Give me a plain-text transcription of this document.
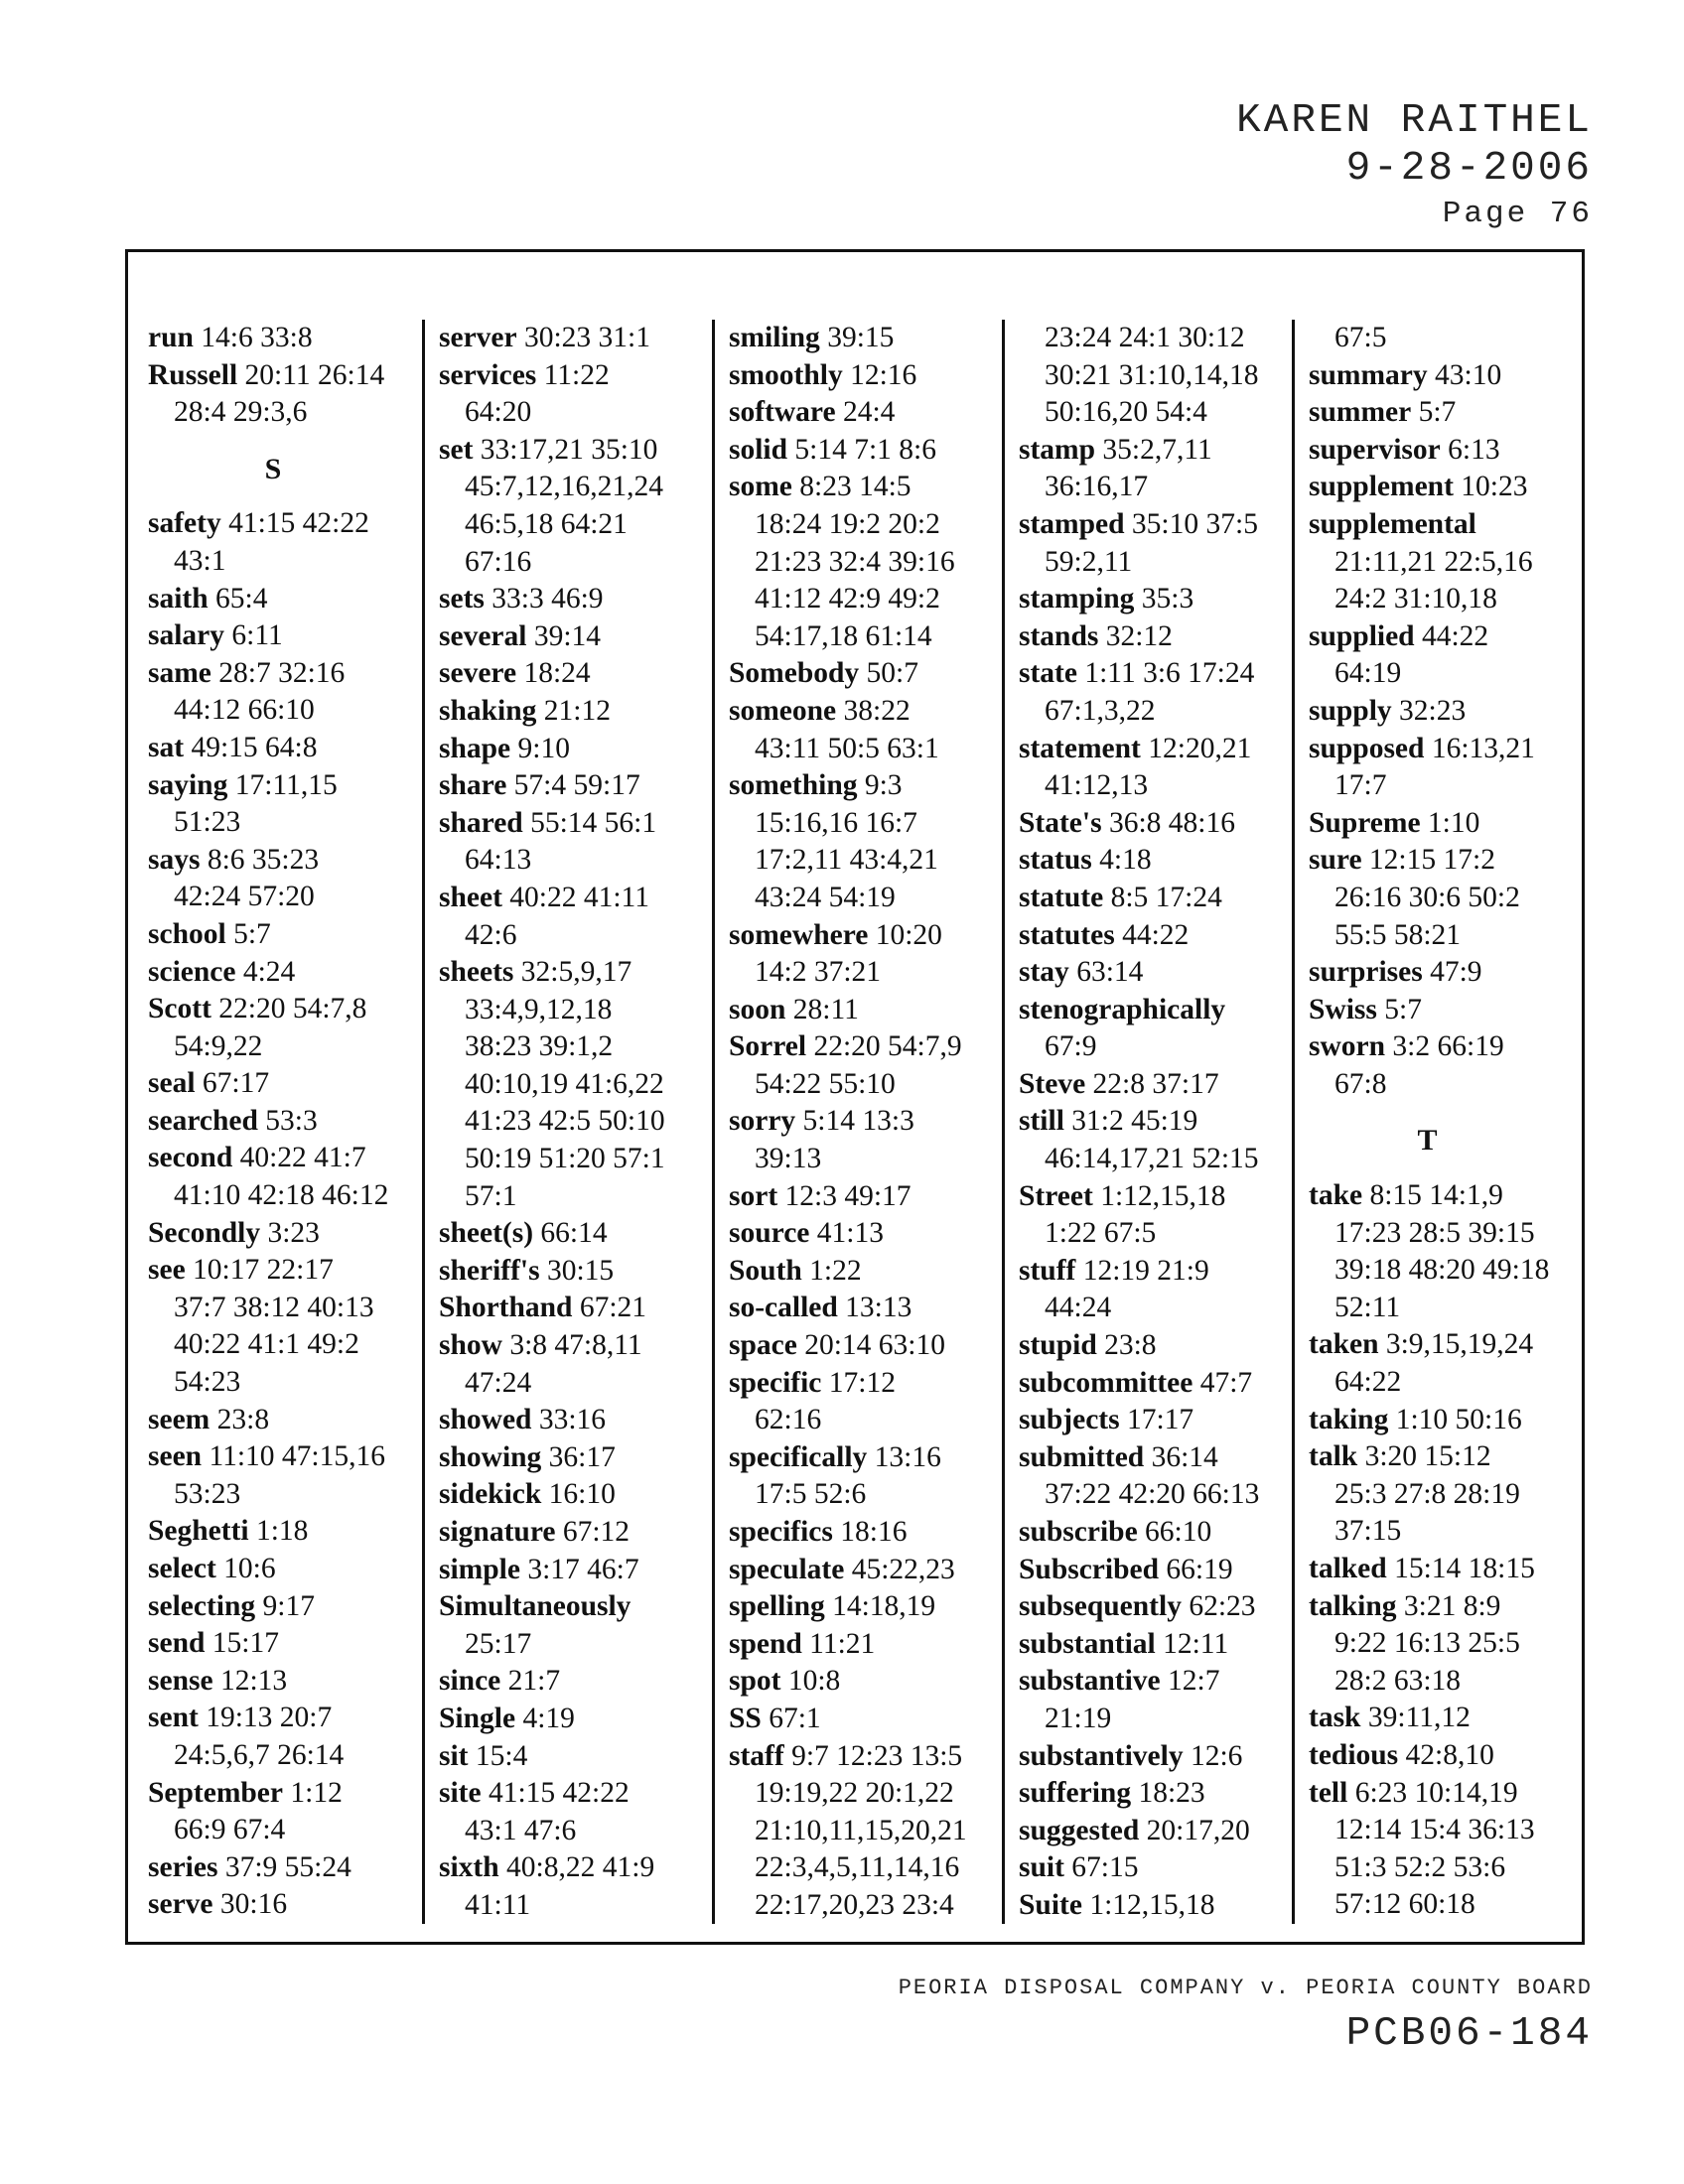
KAREN RAITHEL
9-28-2006
Page 76
run 14:6 33:8
Russell 20:11 26:14
28:4 29:3,6
S
safety 41:15 42:22
43:1
saith 65:4
salary 6:11
same 28:7 32:16
44:12 66:10
sat 49:15 64:8
saying 17:11,15
51:23
says 8:6 35:23
42:24 57:20
school 5:7
science 4:24
Scott 22:20 54:7,8
54:9,22
seal 67:17
searched 53:3
second 40:22 41:7
41:10 42:18 46:12
Secondly 3:23
see 10:17 22:17
37:7 38:12 40:13
40:22 41:1 49:2
54:23
seem 23:8
seen 11:10 47:15,16
53:23
Seghetti 1:18
select 10:6
selecting 9:17
send 15:17
sense 12:13
sent 19:13 20:7
24:5,6,7 26:14
September 1:12
66:9 67:4
series 37:9 55:24
serve 30:16
server 30:23 31:1
services 11:22
64:20
set 33:17,21 35:10
45:7,12,16,21,24
46:5,18 64:21
67:16
sets 33:3 46:9
several 39:14
severe 18:24
shaking 21:12
shape 9:10
share 57:4 59:17
shared 55:14 56:1
64:13
sheet 40:22 41:11
42:6
sheets 32:5,9,17
33:4,9,12,18
38:23 39:1,2
40:10,19 41:6,22
41:23 42:5 50:10
50:19 51:20 57:1
57:1
sheet(s) 66:14
sheriff's 30:15
Shorthand 67:21
show 3:8 47:8,11
47:24
showed 33:16
showing 36:17
sidekick 16:10
signature 67:12
simple 3:17 46:7
Simultaneously
25:17
since 21:7
Single 4:19
sit 15:4
site 41:15 42:22
43:1 47:6
sixth 40:8,22 41:9
41:11
smiling 39:15
smoothly 12:16
software 24:4
solid 5:14 7:1 8:6
some 8:23 14:5
18:24 19:2 20:2
21:23 32:4 39:16
41:12 42:9 49:2
54:17,18 61:14
Somebody 50:7
someone 38:22
43:11 50:5 63:1
something 9:3
15:16,16 16:7
17:2,11 43:4,21
43:24 54:19
somewhere 10:20
14:2 37:21
soon 28:11
Sorrel 22:20 54:7,9
54:22 55:10
sorry 5:14 13:3
39:13
sort 12:3 49:17
source 41:13
South 1:22
so-called 13:13
space 20:14 63:10
specific 17:12
62:16
specifically 13:16
17:5 52:6
specifics 18:16
speculate 45:22,23
spelling 14:18,19
spend 11:21
spot 10:8
SS 67:1
staff 9:7 12:23 13:5
19:19,22 20:1,22
21:10,11,15,20,21
22:3,4,5,11,14,16
22:17,20,23 23:4
23:24 24:1 30:12
30:21 31:10,14,18
50:16,20 54:4
stamp 35:2,7,11
36:16,17
stamped 35:10 37:5
59:2,11
stamping 35:3
stands 32:12
state 1:11 3:6 17:24
67:1,3,22
statement 12:20,21
41:12,13
State's 36:8 48:16
status 4:18
statute 8:5 17:24
statutes 44:22
stay 63:14
stenographically
67:9
Steve 22:8 37:17
still 31:2 45:19
46:14,17,21 52:15
Street 1:12,15,18
1:22 67:5
stuff 12:19 21:9
44:24
stupid 23:8
subcommittee 47:7
subjects 17:17
submitted 36:14
37:22 42:20 66:13
subscribe 66:10
Subscribed 66:19
subsequently 62:23
substantial 12:11
substantive 12:7
21:19
substantively 12:6
suffering 18:23
suggested 20:17,20
suit 67:15
Suite 1:12,15,18
67:5
summary 43:10
summer 5:7
supervisor 6:13
supplement 10:23
supplemental
21:11,21 22:5,16
24:2 31:10,18
supplied 44:22
64:19
supply 32:23
supposed 16:13,21
17:7
Supreme 1:10
sure 12:15 17:2
26:16 30:6 50:2
55:5 58:21
surprises 47:9
Swiss 5:7
sworn 3:2 66:19
67:8
T
take 8:15 14:1,9
17:23 28:5 39:15
39:18 48:20 49:18
52:11
taken 3:9,15,19,24
64:22
taking 1:10 50:16
talk 3:20 15:12
25:3 27:8 28:19
37:15
talked 15:14 18:15
talking 3:21 8:9
9:22 16:13 25:5
28:2 63:18
task 39:11,12
tedious 42:8,10
tell 6:23 10:14,19
12:14 15:4 36:13
51:3 52:2 53:6
57:12 60:18
PEORIA DISPOSAL COMPANY v. PEORIA COUNTY BOARD
PCB06-184
